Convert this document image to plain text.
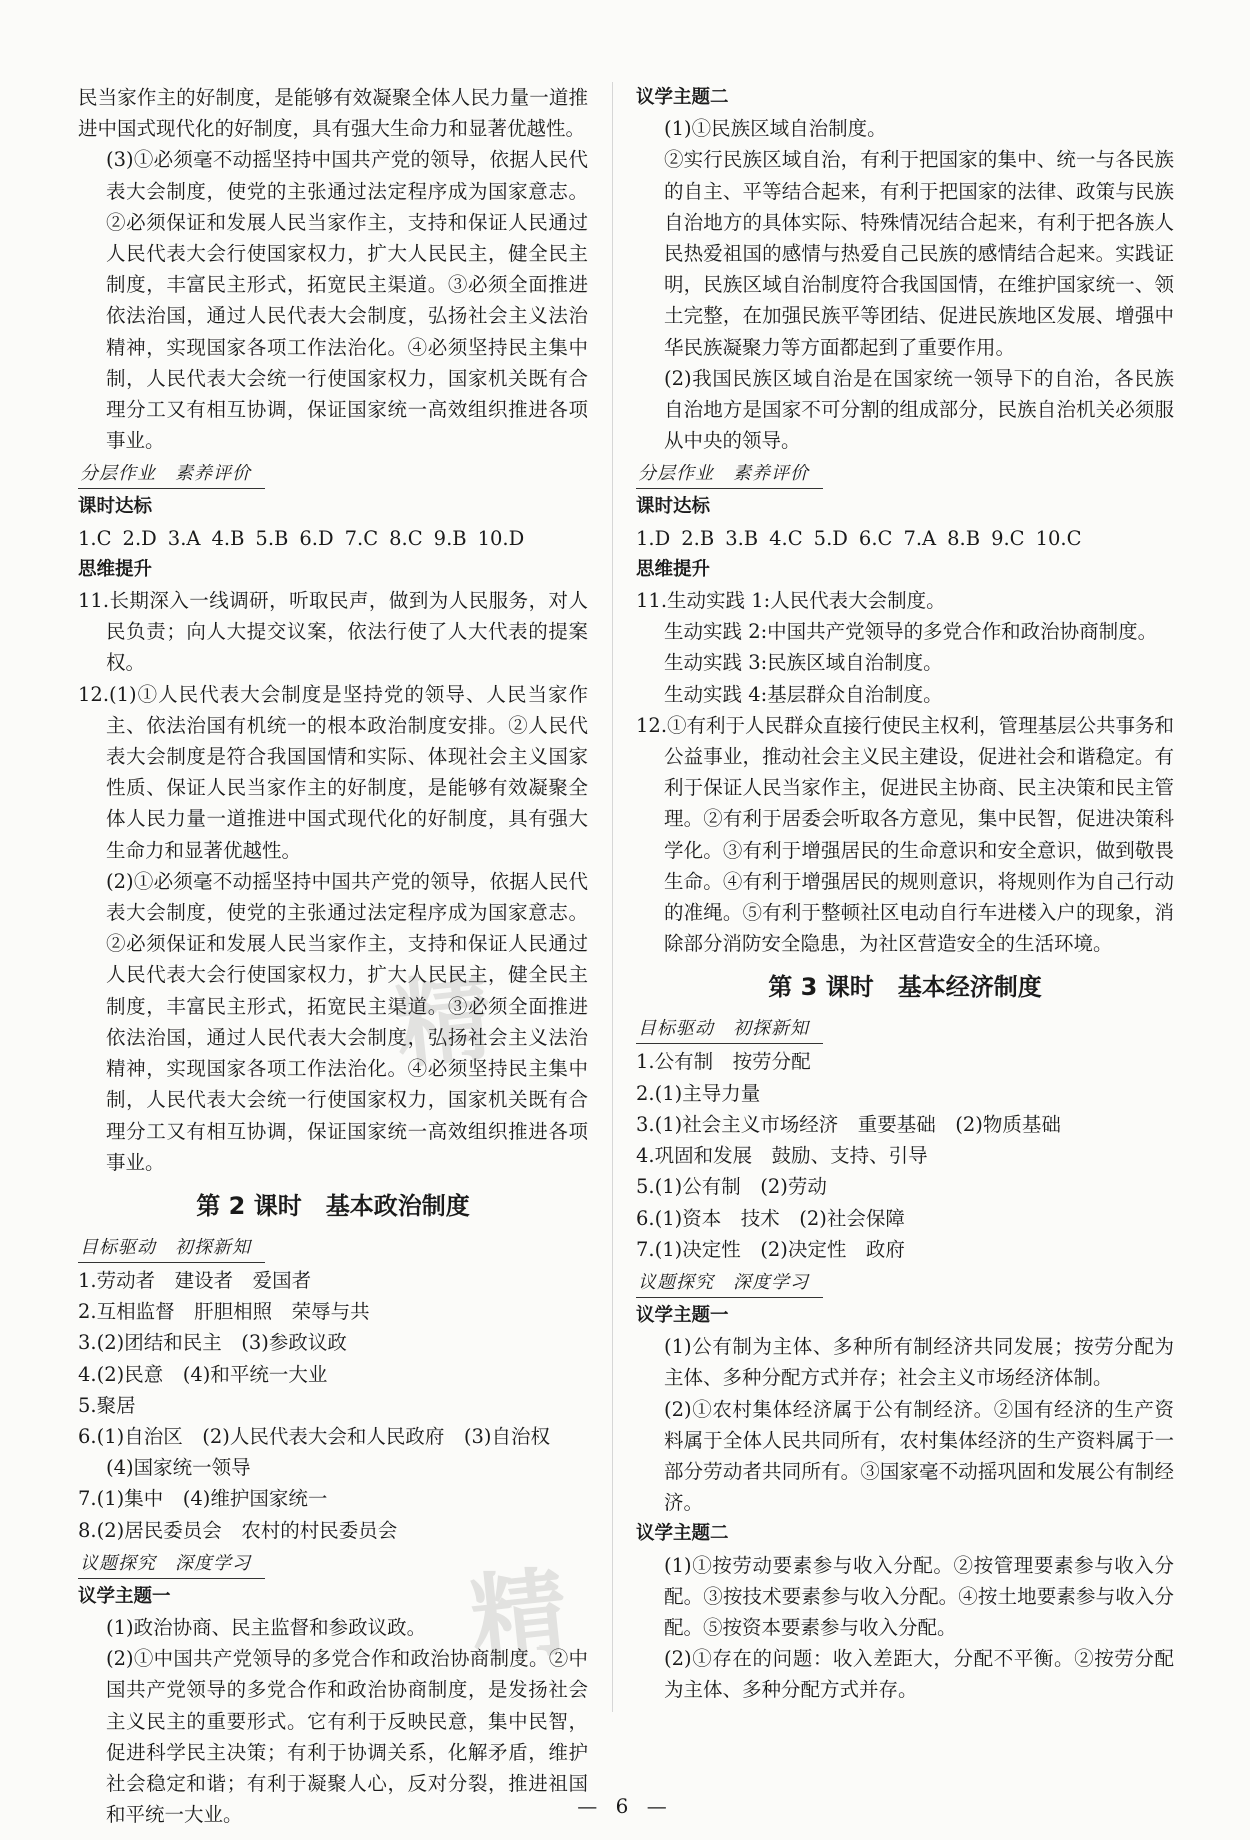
民当家作主的好制度，是能够有效凝聚全体人民力量一道推进中国式现代化的好制度，具有强大生命力和显著优越性。

(3)①必须毫不动摇坚持中国共产党的领导，依据人民代表大会制度，使党的主张通过法定程序成为国家意志。②必须保证和发展人民当家作主，支持和保证人民通过人民代表大会行使国家权力，扩大人民民主，健全民主制度，丰富民主形式，拓宽民主渠道。③必须全面推进依法治国，通过人民代表大会制度，弘扬社会主义法治精神，实现国家各项工作法治化。④必须坚持民主集中制，人民代表大会统一行使国家权力，国家机关既有合理分工又有相互协调，保证国家统一高效组织推进各项事业。

分层作业　素养评价

课时达标

1.C 2.D 3.A 4.B 5.B 6.D 7.C 8.C 9.B 10.D

思维提升

11.长期深入一线调研，听取民声，做到为人民服务，对人民负责；向人大提交议案，依法行使了人大代表的提案权。

12.(1)①人民代表大会制度是坚持党的领导、人民当家作主、依法治国有机统一的根本政治制度安排。②人民代表大会制度是符合我国国情和实际、体现社会主义国家性质、保证人民当家作主的好制度，是能够有效凝聚全体人民力量一道推进中国式现代化的好制度，具有强大生命力和显著优越性。

(2)①必须毫不动摇坚持中国共产党的领导，依据人民代表大会制度，使党的主张通过法定程序成为国家意志。②必须保证和发展人民当家作主，支持和保证人民通过人民代表大会行使国家权力，扩大人民民主，健全民主制度，丰富民主形式，拓宽民主渠道。③必须全面推进依法治国，通过人民代表大会制度，弘扬社会主义法治精神，实现国家各项工作法治化。④必须坚持民主集中制，人民代表大会统一行使国家权力，国家机关既有合理分工又有相互协调，保证国家统一高效组织推进各项事业。

第 2 课时　基本政治制度
目标驱动　初探新知

1.劳动者　建设者　爱国者

2.互相监督　肝胆相照　荣辱与共

3.(2)团结和民主　(3)参政议政

4.(2)民意　(4)和平统一大业

5.聚居

6.(1)自治区　(2)人民代表大会和人民政府　(3)自治权

(4)国家统一领导

7.(1)集中　(4)维护国家统一

8.(2)居民委员会　农村的村民委员会

议题探究　深度学习

议学主题一

(1)政治协商、民主监督和参政议政。

(2)①中国共产党领导的多党合作和政治协商制度。②中国共产党领导的多党合作和政治协商制度，是发扬社会主义民主的重要形式。它有利于反映民意，集中民智，促进科学民主决策；有利于协调关系，化解矛盾，维护社会稳定和谐；有利于凝聚人心，反对分裂，推进祖国和平统一大业。

议学主题二

(1)①民族区域自治制度。

②实行民族区域自治，有利于把国家的集中、统一与各民族的自主、平等结合起来，有利于把国家的法律、政策与民族自治地方的具体实际、特殊情况结合起来，有利于把各族人民热爱祖国的感情与热爱自己民族的感情结合起来。实践证明，民族区域自治制度符合我国国情，在维护国家统一、领土完整，在加强民族平等团结、促进民族地区发展、增强中华民族凝聚力等方面都起到了重要作用。

(2)我国民族区域自治是在国家统一领导下的自治，各民族自治地方是国家不可分割的组成部分，民族自治机关必须服从中央的领导。

分层作业　素养评价

课时达标

1.D 2.B 3.B 4.C 5.D 6.C 7.A 8.B 9.C 10.C

思维提升

11.生动实践 1:人民代表大会制度。

生动实践 2:中国共产党领导的多党合作和政治协商制度。

生动实践 3:民族区域自治制度。

生动实践 4:基层群众自治制度。

12.①有利于人民群众直接行使民主权利，管理基层公共事务和公益事业，推动社会主义民主建设，促进社会和谐稳定。有利于保证人民当家作主，促进民主协商、民主决策和民主管理。②有利于居委会听取各方意见，集中民智，促进决策科学化。③有利于增强居民的生命意识和安全意识，做到敬畏生命。④有利于增强居民的规则意识，将规则作为自己行动的准绳。⑤有利于整顿社区电动自行车进楼入户的现象，消除部分消防安全隐患，为社区营造安全的生活环境。

第 3 课时　基本经济制度
目标驱动　初探新知

1.公有制　按劳分配

2.(1)主导力量

3.(1)社会主义市场经济　重要基础　(2)物质基础

4.巩固和发展　鼓励、支持、引导

5.(1)公有制　(2)劳动

6.(1)资本　技术　(2)社会保障

7.(1)决定性　(2)决定性　政府

议题探究　深度学习

议学主题一

(1)公有制为主体、多种所有制经济共同发展；按劳分配为主体、多种分配方式并存；社会主义市场经济体制。

(2)①农村集体经济属于公有制经济。②国有经济的生产资料属于全体人民共同所有，农村集体经济的生产资料属于一部分劳动者共同所有。③国家毫不动摇巩固和发展公有制经济。

议学主题二

(1)①按劳动要素参与收入分配。②按管理要素参与收入分配。③按技术要素参与收入分配。④按土地要素参与收入分配。⑤按资本要素参与收入分配。

(2)①存在的问题：收入差距大，分配不平衡。②按劳分配为主体、多种分配方式并存。

精
精
— 6 —
